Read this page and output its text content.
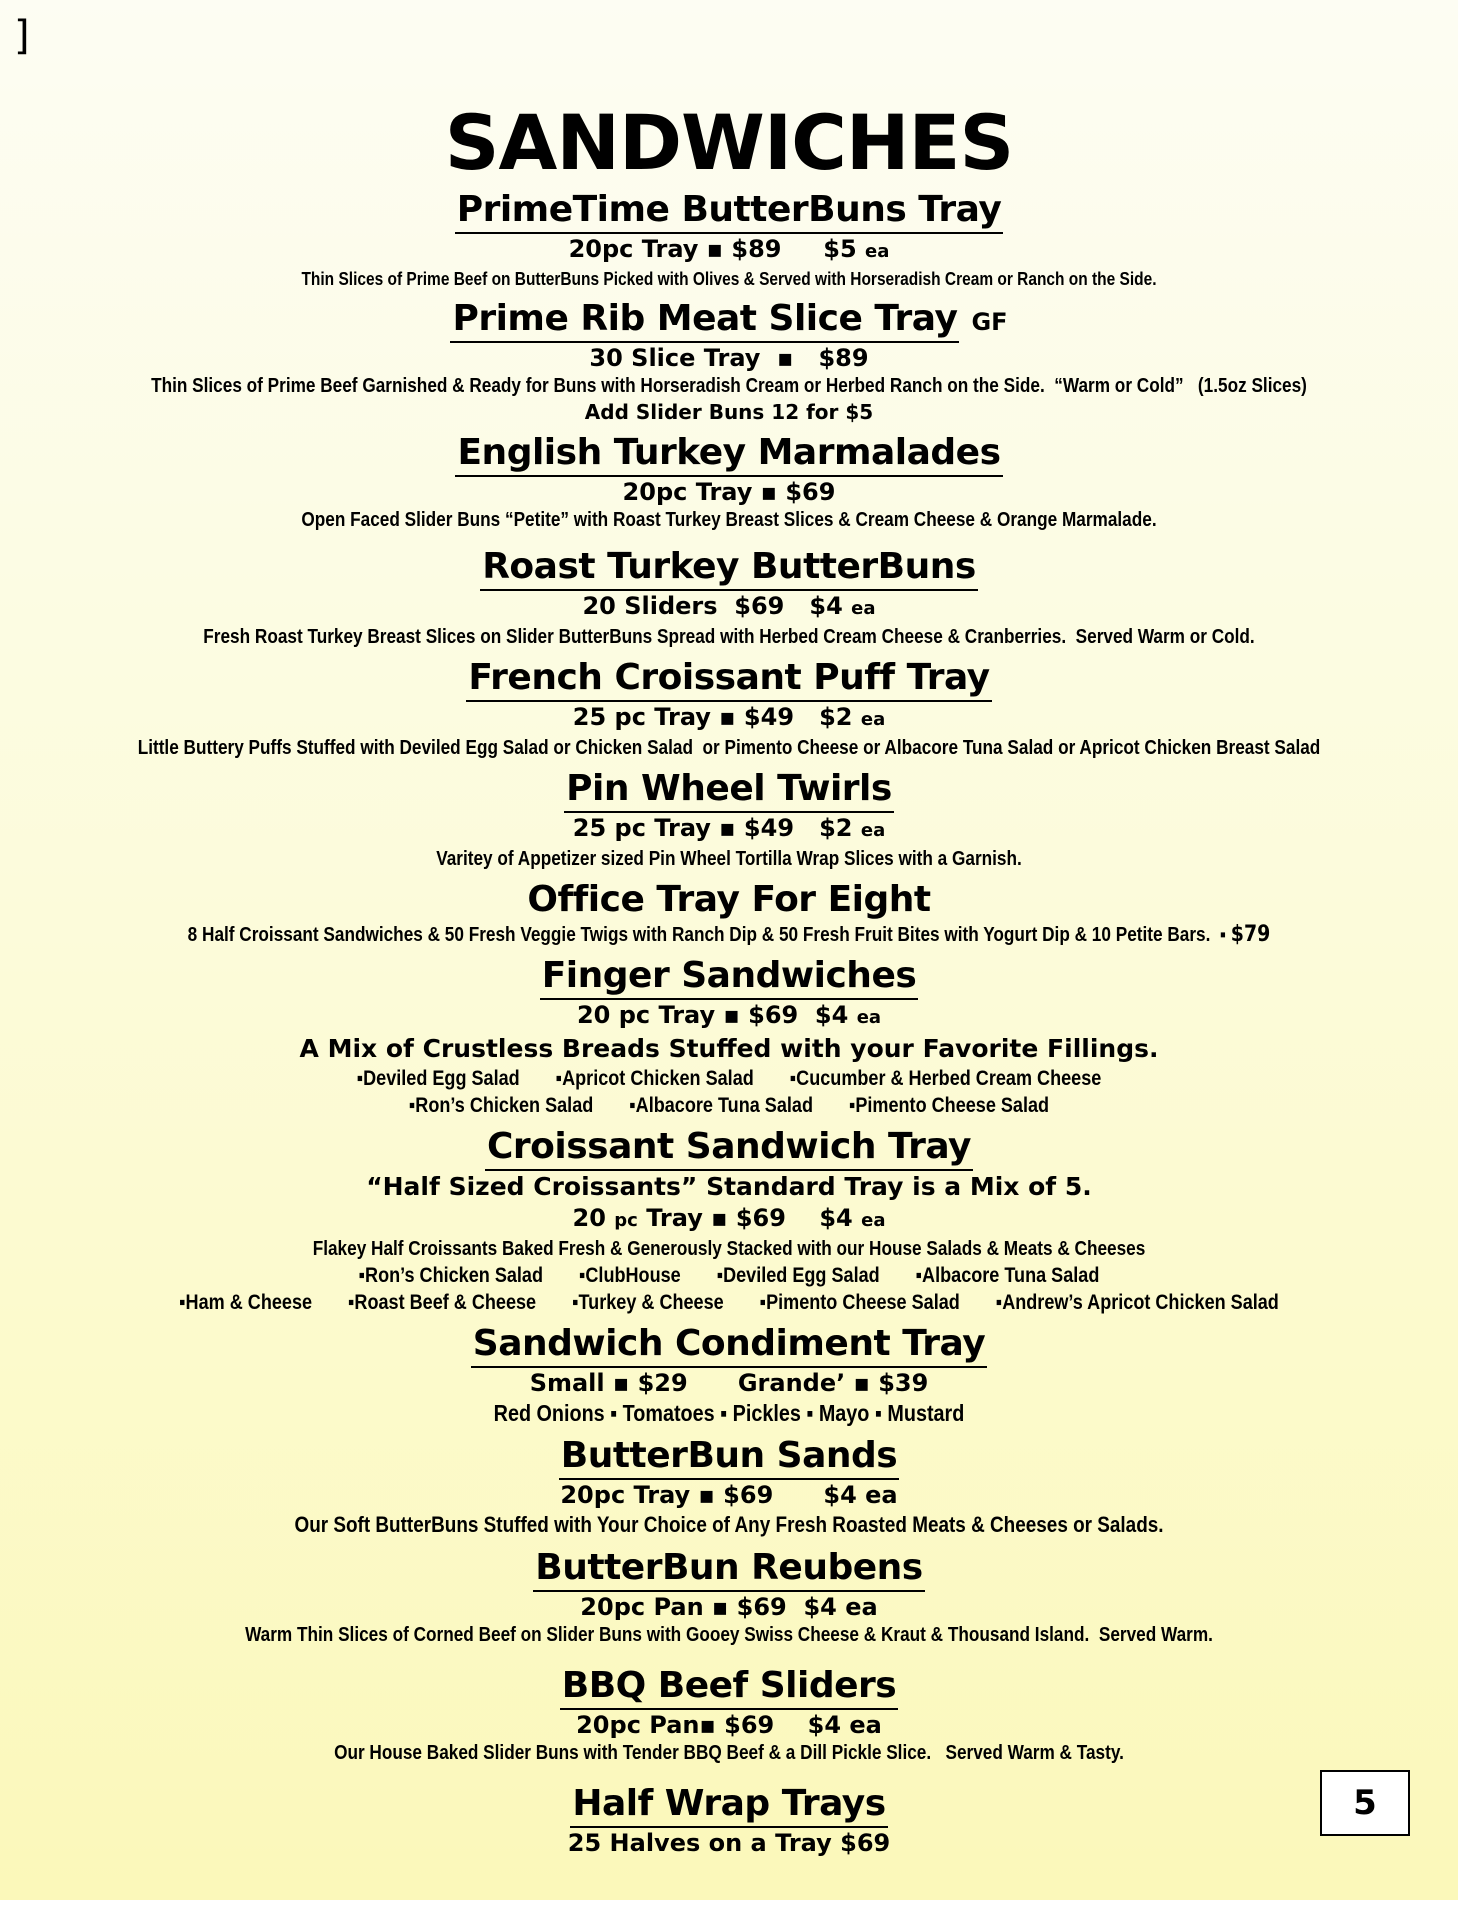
]
SANDWICHES
PrimeTime ButterBuns Tray
20pc Tray ▪ $89     $5 ea
Thin Slices of Prime Beef on ButterBuns Picked with Olives & Served with Horseradish Cream or Ranch on the Side.
Prime Rib Meat Slice Tray GF
30 Slice Tray  ▪   $89
Thin Slices of Prime Beef Garnished & Ready for Buns with Horseradish Cream or Herbed Ranch on the Side.  “Warm or Cold”   (1.5oz Slices)
Add Slider Buns 12 for $5
English Turkey Marmalades
20pc Tray ▪ $69
Open Faced Slider Buns “Petite” with Roast Turkey Breast Slices & Cream Cheese & Orange Marmalade.
Roast Turkey ButterBuns
20 Sliders  $69   $4 ea
Fresh Roast Turkey Breast Slices on Slider ButterBuns Spread with Herbed Cream Cheese & Cranberries.  Served Warm or Cold.
French Croissant Puff Tray
25 pc Tray ▪ $49   $2 ea
Little Buttery Puffs Stuffed with Deviled Egg Salad or Chicken Salad  or Pimento Cheese or Albacore Tuna Salad or Apricot Chicken Breast Salad
Pin Wheel Twirls
25 pc Tray ▪ $49   $2 ea
Varitey of Appetizer sized Pin Wheel Tortilla Wrap Slices with a Garnish.
Office Tray For Eight
8 Half Croissant Sandwiches & 50 Fresh Veggie Twigs with Ranch Dip & 50 Fresh Fruit Bites with Yogurt Dip & 10 Petite Bars.  ▪ $79
Finger Sandwiches
20 pc Tray ▪ $69  $4 ea
A Mix of Crustless Breads Stuffed with your Favorite Fillings.
▪Deviled Egg Salad ▪Apricot Chicken Salad ▪Cucumber & Herbed Cream Cheese
▪Ron’s Chicken Salad ▪Albacore Tuna Salad ▪Pimento Cheese Salad
Croissant Sandwich Tray
“Half Sized Croissants” Standard Tray is a Mix of 5.
20 pc Tray ▪ $69    $4 ea
Flakey Half Croissants Baked Fresh & Generously Stacked with our House Salads & Meats & Cheeses
▪Ron’s Chicken Salad ▪ClubHouse ▪Deviled Egg Salad ▪Albacore Tuna Salad
▪Ham & Cheese ▪Roast Beef & Cheese ▪Turkey & Cheese ▪Pimento Cheese Salad ▪Andrew’s Apricot Chicken Salad
Sandwich Condiment Tray
Small ▪ $29      Grande’ ▪ $39
Red Onions ▪ Tomatoes ▪ Pickles ▪ Mayo ▪ Mustard
ButterBun Sands
20pc Tray ▪ $69      $4 ea
Our Soft ButterBuns Stuffed with Your Choice of Any Fresh Roasted Meats & Cheeses or Salads.
ButterBun Reubens
20pc Pan ▪ $69  $4 ea
Warm Thin Slices of Corned Beef on Slider Buns with Gooey Swiss Cheese & Kraut & Thousand Island.  Served Warm.
BBQ Beef Sliders
20pc Pan▪ $69    $4 ea
Our House Baked Slider Buns with Tender BBQ Beef & a Dill Pickle Slice.   Served Warm & Tasty.
Half Wrap Trays
25 Halves on a Tray $69
5
